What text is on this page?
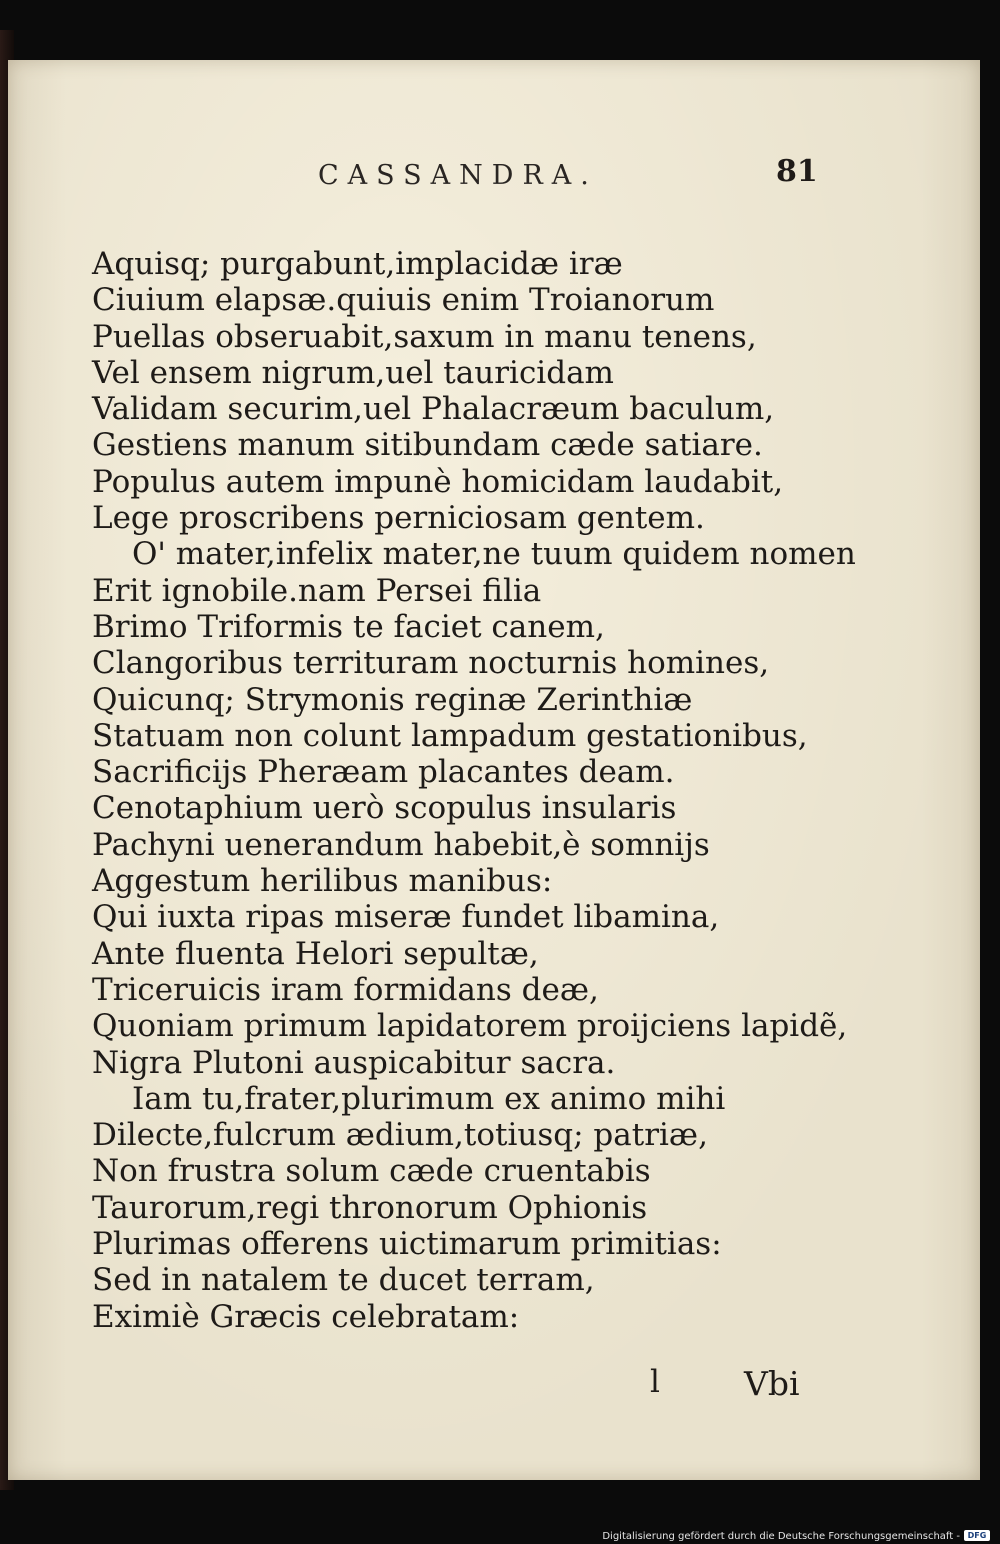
CASSANDRA.	81
Aquisq; purgabunt,implacidæ iræ
Ciuium elapsæ.quiuis enim Troianorum
Puellas obseruabit,saxum in manu tenens,
Vel ensem nigrum,uel tauricidam
Validam securim,uel Phalacræum baculum,
Gestiens manum sitibundam cæde satiare.
Populus autem impunè homicidam laudabit,
Lege proscribens perniciosam gentem.
O' mater,infelix mater,ne tuum quidem nomen
Erit ignobile.nam Persei filia
Brimo Triformis te faciet canem,
Clangoribus territuram nocturnis homines,
Quicunq; Strymonis reginæ Zerinthiæ
Statuam non colunt lampadum gestationibus,
Sacrificijs Pheræam placantes deam.
Cenotaphium uerò scopulus insularis
Pachyni uenerandum habebit,è somnijs
Aggestum herilibus manibus:
Qui iuxta ripas miseræ fundet libamina,
Ante fluenta Helori sepultæ,
Triceruicis iram formidans deæ,
Quoniam primum lapidatorem proijciens lapidẽ,
Nigra Plutoni auspicabitur sacra.
Iam tu,frater,plurimum ex animo mihi
Dilecte,fulcrum ædium,totiusq; patriæ,
Non frustra solum cæde cruentabis
Taurorum,regi thronorum Ophionis
Plurimas offerens uictimarum primitias:
Sed in natalem te ducet terram,
Eximiè Græcis celebratam:
l	Vbi
Digitalisierung gefördert durch die Deutsche Forschungsgemeinschaft - DFG
